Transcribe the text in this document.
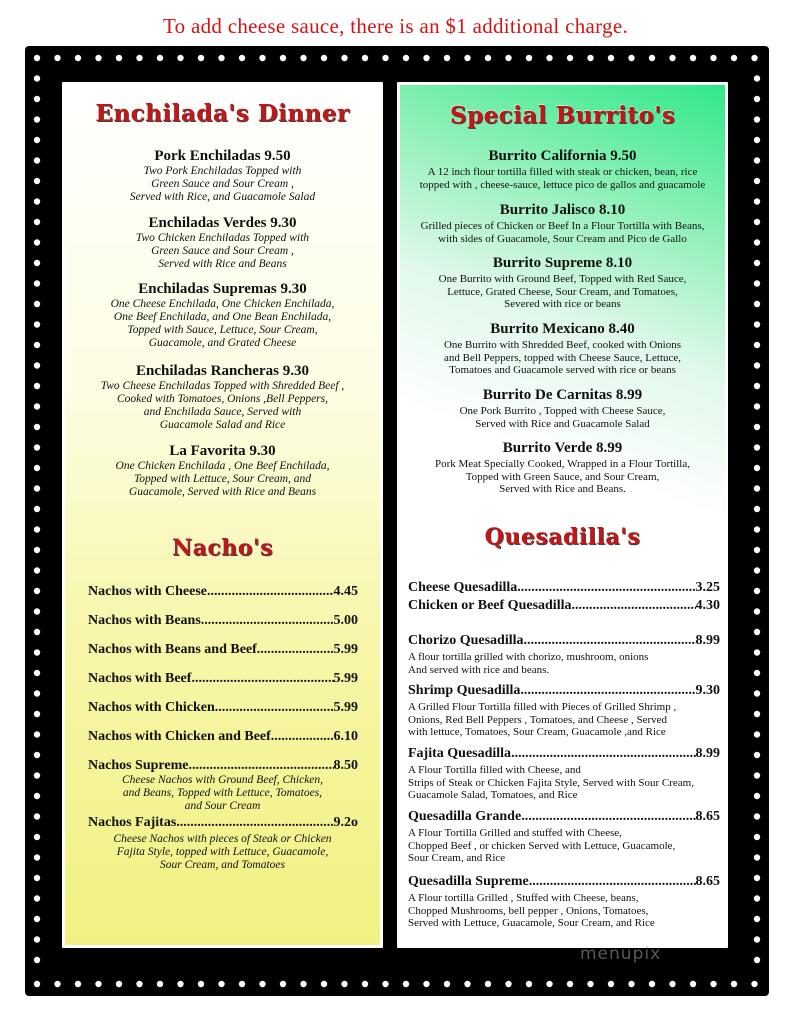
To add cheese sauce, there is an $1 additional charge.
Enchilada's Dinner
Pork Enchiladas 9.50
Two Pork Enchiladas Topped with
Green Sauce and Sour Cream ,
Served with Rice, and Guacamole Salad
Enchiladas Verdes 9.30
Two Chicken Enchiladas Topped with
Green Sauce and Sour Cream ,
Served with Rice and Beans
Enchiladas Supremas 9.30
One Cheese Enchilada, One Chicken Enchilada,
One Beef Enchilada, and One Bean Enchilada,
Topped with Sauce, Lettuce, Sour Cream,
Guacamole, and Grated Cheese
Enchiladas Rancheras 9.30
Two Cheese Enchiladas Topped with Shredded Beef ,
Cooked with Tomatoes, Onions ,Bell Peppers,
and Enchilada Sauce, Served with
Guacamole Salad and Rice
La Favorita 9.30
One Chicken Enchilada , One Beef Enchilada,
Topped with Lettuce, Sour Cream, and
Guacamole, Served with Rice and Beans
Nacho's
Nachos with Cheese .....	4.45
Nachos with Beans .....	5.00
Nachos with Beans and Beef .....	5.99
Nachos with Beef .....	5.99
Nachos with Chicken .....	5.99
Nachos with Chicken and Beef .....	6.10
Nachos Supreme .....	8.50
Nachos Fajitas .....	9.2o
Cheese Nachos with Ground Beef, Chicken,
and Beans, Topped with Lettuce, Tomatoes,
and Sour Cream
Cheese Nachos with pieces of Steak or Chicken
Fajita Style, topped with Lettuce, Guacamole,
Sour Cream, and Tomatoes
Special Burrito's
Burrito California 9.50
A 12 inch flour tortilla filled with steak or chicken, bean, rice
topped with , cheese-sauce, lettuce pico de gallos and guacamole
Burrito Jalisco 8.10
Grilled pieces of Chicken or Beef In a Flour Tortilla with Beans,
with sides of Guacamole, Sour Cream and Pico de Gallo
Burrito Supreme 8.10
One Burrito with Ground Beef, Topped with Red Sauce,
Lettuce, Grated Cheese, Sour Cream, and Tomatoes,
Severed with rice or beans
Burrito Mexicano 8.40
One Burrito with Shredded Beef, cooked with Onions
and Bell Peppers, topped with Cheese Sauce, Lettuce,
Tomatoes and Guacamole served with rice or beans
Burrito De Carnitas 8.99
One Pork Burrito , Topped with Cheese Sauce,
Served with Rice and Guacamole Salad
Burrito Verde 8.99
Pork Meat Specially Cooked, Wrapped in a Flour Tortilla,
Topped with Green Sauce, and Sour Cream,
Served with Rice and Beans.
Quesadilla's
Cheese Quesadilla .....	3.25
Chicken or Beef Quesadilla .....	4.30
Chorizo Quesadilla .....	8.99
A flour tortilla grilled with chorizo, mushroom, onions
And served with rice and beans.
Shrimp Quesadilla .....	9.30
A Grilled Flour Tortilla filled with Pieces of Grilled Shrimp ,
Onions, Red Bell Peppers , Tomatoes, and Cheese , Served
with lettuce, Tomatoes, Sour Cream, Guacamole ,and Rice
Fajita Quesadilla .....	8.99
A Flour Tortilla filled with Cheese, and
Strips of Steak or Chicken Fajita Style, Served with Sour Cream,
Guacamole Salad, Tomatoes, and Rice
Quesadilla Grande .....	8.65
A Flour Tortilla Grilled and stuffed with Cheese,
Chopped Beef , or chicken Served with Lettuce, Guacamole,
Sour Cream, and Rice
Quesadilla Supreme .....	8.65
A Flour tortilla Grilled , Stuffed with Cheese, beans,
Chopped Mushrooms, bell pepper , Onions, Tomatoes,
Served with Lettuce, Guacamole, Sour Cream, and Rice
menupix
